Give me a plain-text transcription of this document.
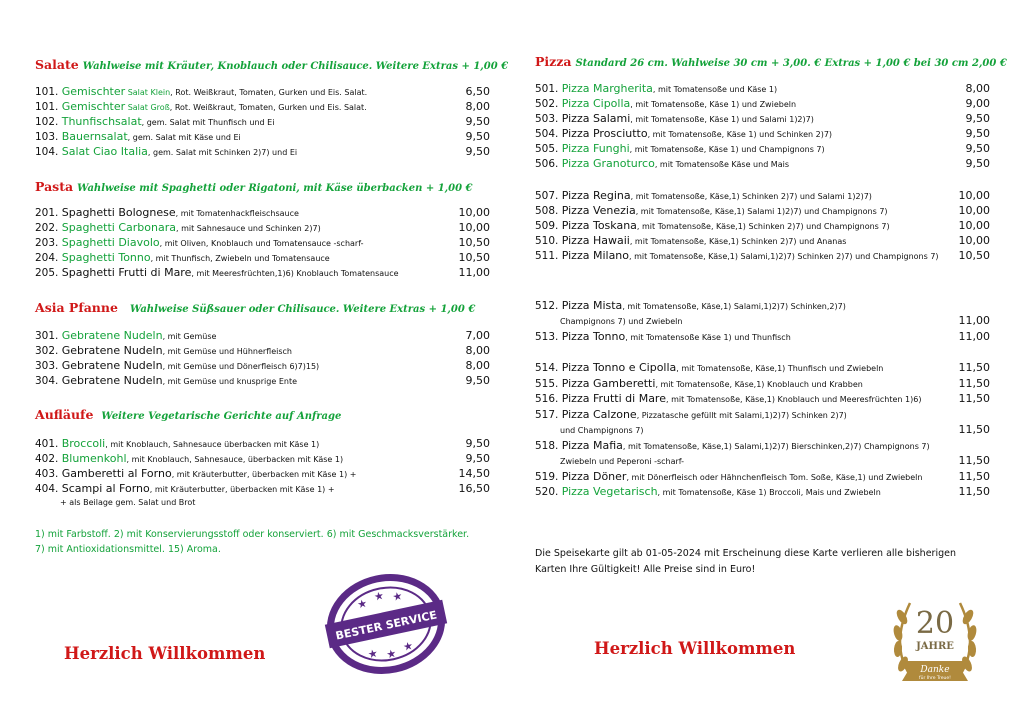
Salate Wahlweise mit Kräuter, Knoblauch oder Chilisauce. Weitere Extras + 1,00 €
101. Gemischter Salat Klein, Rot. Weißkraut, Tomaten, Gurken und Eis. Salat.	6,50
101. Gemischter Salat Groß, Rot. Weißkraut, Tomaten, Gurken und Eis. Salat.	8,00
102. Thunfischsalat, gem. Salat mit Thunfisch und Ei	9,50
103. Bauernsalat, gem. Salat mit Käse und Ei	9,50
104. Salat Ciao Italia, gem. Salat mit Schinken 2)7) und Ei	9,50
Pasta Wahlweise mit Spaghetti oder Rigatoni, mit Käse überbacken + 1,00 €
201. Spaghetti Bolognese, mit Tomatenhackfleischsauce	10,00
202. Spaghetti Carbonara, mit Sahnesauce und Schinken 2)7)	10,00
203. Spaghetti Diavolo, mit Oliven, Knoblauch und Tomatensauce -scharf-	10,50
204. Spaghetti Tonno, mit Thunfisch, Zwiebeln und Tomatensauce	10,50
205. Spaghetti Frutti di Mare, mit Meeresfrüchten,1)6) Knoblauch Tomatensauce	11,00
Asia Pfanne Wahlweise Süßsauer oder Chilisauce. Weitere Extras + 1,00 €
301. Gebratene Nudeln, mit Gemüse	7,00
302. Gebratene Nudeln, mit Gemüse und Hühnerfleisch	8,00
303. Gebratene Nudeln, mit Gemüse und Dönerfleisch 6)7)15)	8,00
304. Gebratene Nudeln, mit Gemüse und knusprige Ente	9,50
Aufläufe Weitere Vegetarische Gerichte auf Anfrage
401. Broccoli, mit Knoblauch, Sahnesauce überbacken mit Käse 1)	9,50
402. Blumenkohl, mit Knoblauch, Sahnesauce, überbacken mit Käse 1)	9,50
403. Gamberetti al Forno, mit Kräuterbutter, überbacken mit Käse 1) +	14,50
404. Scampi al Forno, mit Kräuterbutter, überbacken mit Käse 1) +	16,50
+ als Beilage gem. Salat und Brot
1) mit Farbstoff. 2) mit Konservierungsstoff oder konserviert. 6) mit Geschmacksverstärker.
7) mit Antioxidationsmittel. 15) Aroma.
Pizza Standard 26 cm. Wahlweise 30 cm + 3,00. € Extras + 1,00 € bei 30 cm 2,00 €
501. Pizza Margherita, mit Tomatensoße und Käse 1)	8,00
502. Pizza Cipolla, mit Tomatensoße, Käse 1) und Zwiebeln	9,00
503. Pizza Salami, mit Tomatensoße, Käse 1) und Salami 1)2)7)	9,50
504. Pizza Prosciutto, mit Tomatensoße, Käse 1) und Schinken 2)7)	9,50
505. Pizza Funghi, mit Tomatensoße, Käse 1) und Champignons 7)	9,50
506. Pizza Granoturco, mit Tomatensoße Käse und Mais	9,50
507. Pizza Regina, mit Tomatensoße, Käse,1) Schinken 2)7) und Salami 1)2)7)	10,00
508. Pizza Venezia, mit Tomatensoße, Käse,1) Salami 1)2)7) und Champignons 7)	10,00
509. Pizza Toskana, mit Tomatensoße, Käse,1) Schinken 2)7) und Champignons 7)	10,00
510. Pizza Hawaii, mit Tomatensoße, Käse,1) Schinken 2)7) und Ananas	10,00
511. Pizza Milano, mit Tomatensoße, Käse,1) Salami,1)2)7) Schinken 2)7) und Champignons 7) 10,50
512. Pizza Mista, mit Tomatensoße, Käse,1) Salami,1)2)7) Schinken,2)7)
Champignons 7) und Zwiebeln	11,00
513. Pizza Tonno, mit Tomatensoße Käse 1) und Thunfisch	11,00
514. Pizza Tonno e Cipolla, mit Tomatensoße, Käse,1) Thunfisch und Zwiebeln	11,50
515. Pizza Gamberetti, mit Tomatensoße, Käse,1) Knoblauch und Krabben	11,50
516. Pizza Frutti di Mare, mit Tomatensoße, Käse,1) Knoblauch und Meeresfrüchten 1)6)	11,50
517. Pizza Calzone, Pizzatasche gefüllt mit Salami,1)2)7) Schinken 2)7)
und Champignons 7)	11,50
518. Pizza Mafia, mit Tomatensoße, Käse,1) Salami,1)2)7) Bierschinken,2)7) Champignons 7)
Zwiebeln und Peperoni -scharf-	11,50
519. Pizza Döner, mit Dönerfleisch oder Hähnchenfleisch Tom. Soße, Käse,1) und Zwiebeln	11,50
520. Pizza Vegetarisch, mit Tomatensoße, Käse 1) Broccoli, Mais und Zwiebeln	11,50
Die Speisekarte gilt ab 01-05-2024 mit Erscheinung diese Karte verlieren alle bisherigen
Karten Ihre Gültigkeit! Alle Preise sind in Euro!
Herzlich Willkommen	Herzlich Willkommen
BESTER SERVICE
★
★ ★
★ ★
★
20
JAHRE
Danke
für Ihre Treue!
